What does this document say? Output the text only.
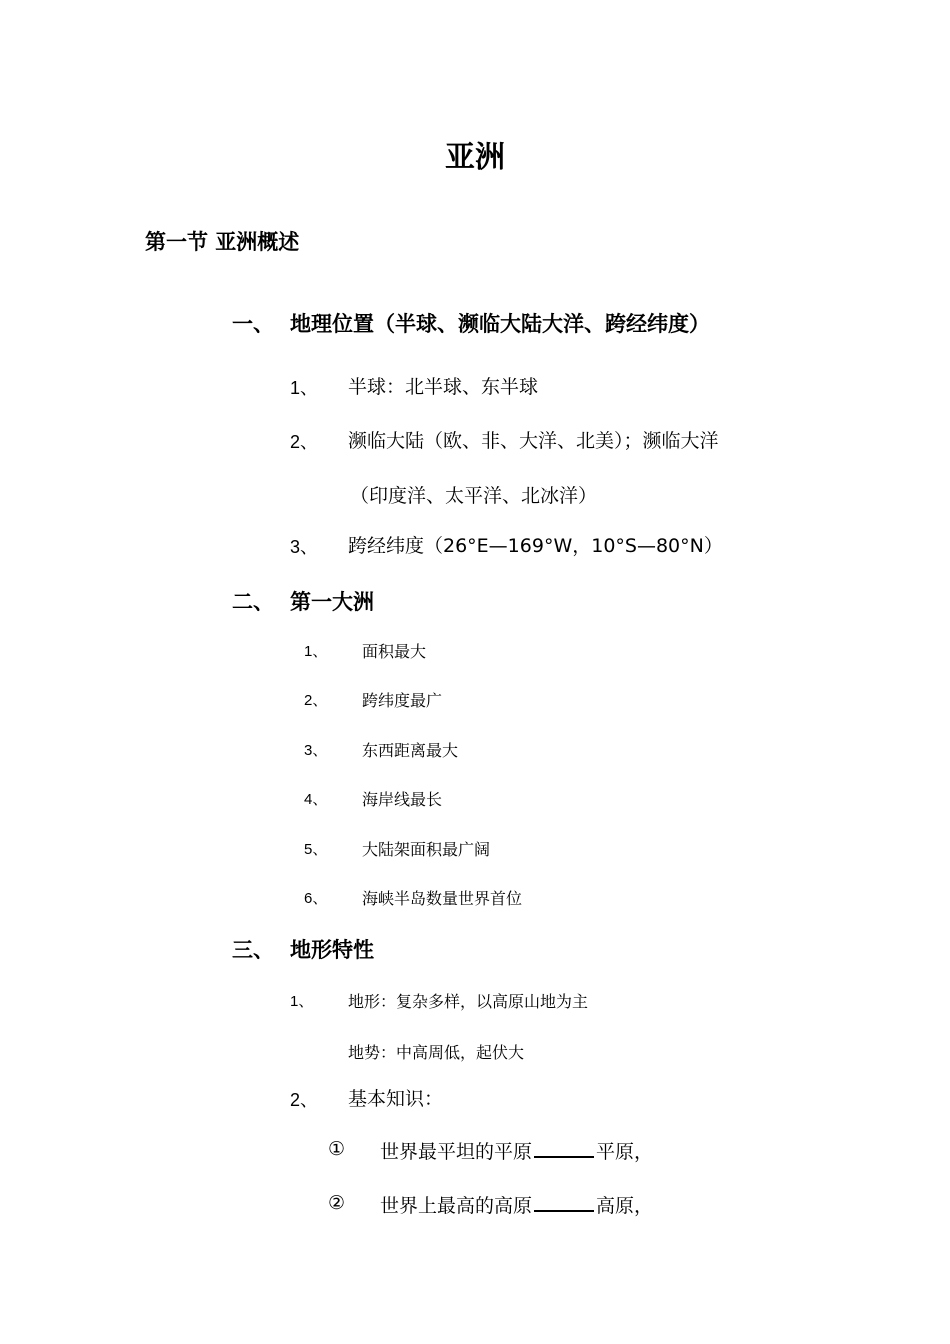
亚洲
第一节 亚洲概述
一、 地理位置（半球、濒临大陆大洋、跨经纬度）
1、 半球：北半球、东半球
2、 濒临大陆（欧、非、大洋、北美）；濒临大洋
（印度洋、太平洋、北冰洋）
3、 跨经纬度（26°E—169°W，10°S—80°N）
二、 第一大洲
1、 面积最大
2、 跨纬度最广
3、 东西距离最大
4、 海岸线最长
5、 大陆架面积最广阔
6、 海峡半岛数量世界首位
三、 地形特性
1、 地形：复杂多样，以高原山地为主
地势：中高周低，起伏大
2、 基本知识：
① 世界最平坦的平原	平原，
② 世界上最高的高原	高原，
